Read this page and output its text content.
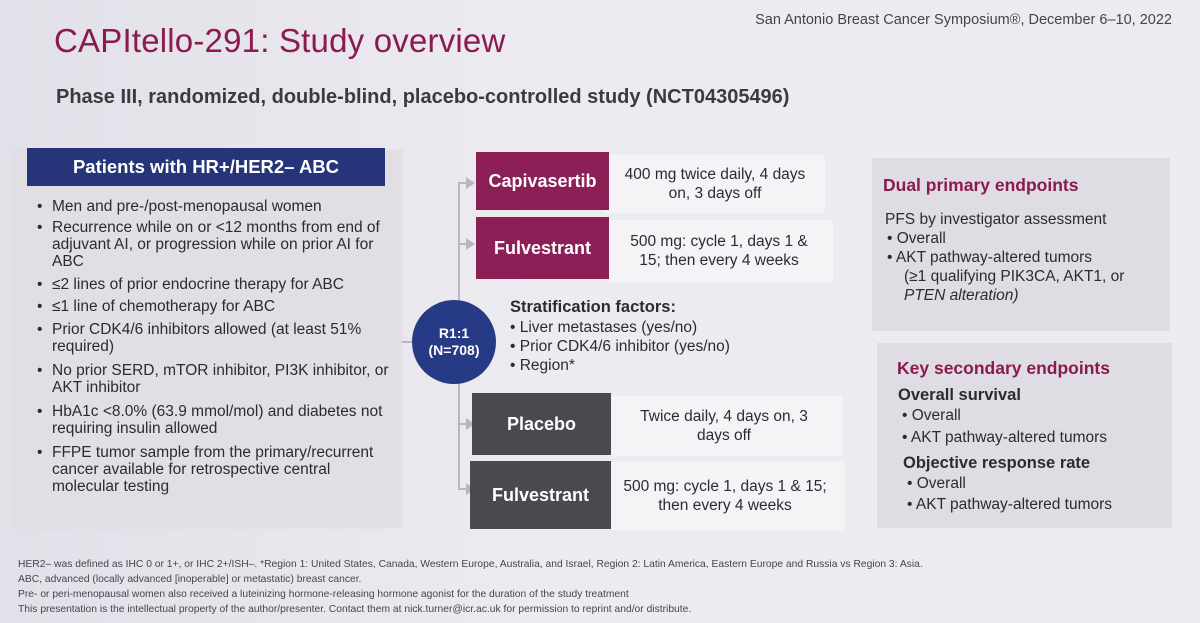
San Antonio Breast Cancer Symposium®, December 6–10, 2022
CAPItello-291: Study overview
Phase III, randomized, double-blind, placebo-controlled study (NCT04305496)
Patients with HR+/HER2– ABC
• Men and pre-/post-menopausal women
• Recurrence while on or <12 months from end of adjuvant AI, or progression while on prior AI for ABC
• ≤2 lines of prior endocrine therapy for ABC
• ≤1 line of chemotherapy for ABC
• Prior CDK4/6 inhibitors allowed (at least 51% required)
• No prior SERD, mTOR inhibitor, PI3K inhibitor, or AKT inhibitor
• HbA1c <8.0% (63.9 mmol/mol) and diabetes not requiring insulin allowed
• FFPE tumor sample from the primary/recurrent cancer available for retrospective central molecular testing
R1:1
(N=708)
400 mg twice daily, 4 days on, 3 days off
Capivasertib
500 mg: cycle 1, days 1 & 15; then every 4 weeks
Fulvestrant
Stratification factors:
• Liver metastases (yes/no)
• Prior CDK4/6 inhibitor (yes/no)
• Region*
Twice daily, 4 days on, 3 days off
Placebo
500 mg: cycle 1, days 1 & 15; then every 4 weeks
Fulvestrant
Dual primary endpoints
PFS by investigator assessment
• Overall
• AKT pathway-altered tumors
(≥1 qualifying PIK3CA, AKT1, or
PTEN alteration)
Key secondary endpoints
Overall survival
• Overall
• AKT pathway-altered tumors
Objective response rate
• Overall
• AKT pathway-altered tumors
HER2– was defined as IHC 0 or 1+, or IHC 2+/ISH–. *Region 1: United States, Canada, Western Europe, Australia, and Israel, Region 2: Latin America, Eastern Europe and Russia vs Region 3: Asia.
ABC, advanced (locally advanced [inoperable] or metastatic) breast cancer.
Pre- or peri-menopausal women also received a luteinizing hormone-releasing hormone agonist for the duration of the study treatment
This presentation is the intellectual property of the author/presenter. Contact them at nick.turner@icr.ac.uk for permission to reprint and/or distribute.
